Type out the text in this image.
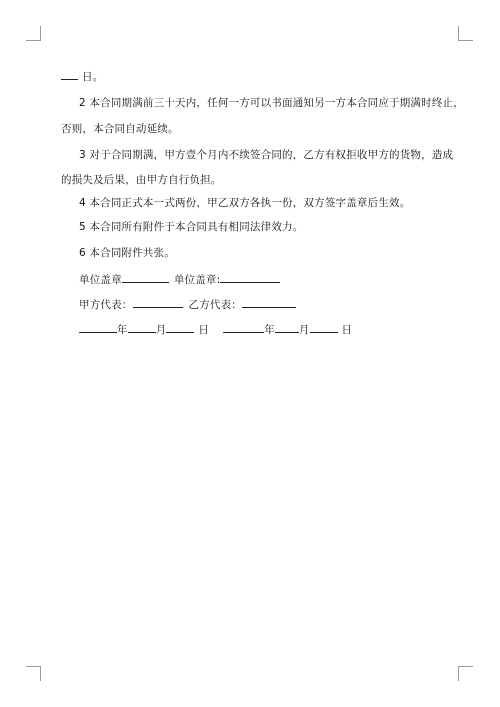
日。
2 本合同期满前三十天内，任何一方可以书面通知另一方本合同应于期满时终止，
否则，本合同自动延续。
3 对于合同期满，甲方壹个月内不续签合同的，乙方有权拒收甲方的货物，造成
的损失及后果，由甲方自行负担。
4 本合同正式本一式两份，甲乙双方各执一份，双方签字盖章后生效。
5 本合同所有附件于本合同具有相同法律效力。
6 本合同附件共张。
单位盖章	单位盖章:
甲方代表：	乙方代表：
年	月	日	年 月	日
